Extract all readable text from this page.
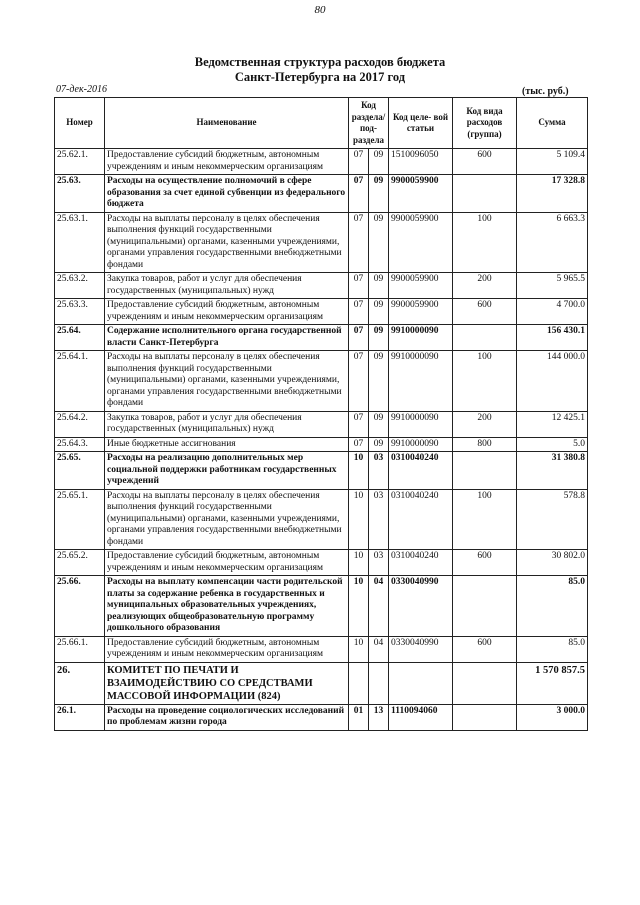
80
Ведомственная структура расходов бюджета
Санкт-Петербурга на 2017 год
07-дек-2016	(тыс. руб.)
Номер	Наименование	Код раздела/ под- раздела		Код целе- вой статьи	Код вида расходов (группа)	Сумма
25.62.1.	Предоставление субсидий бюджетным, автономным учреждениям и иным некоммерческим организациям	07	09	1510096050	600	5 109.4
25.63.	Расходы на осуществление полномочий в сфере образования за счет единой субвенции из федерального бюджета	07	09	9900059900		17 328.8
25.63.1.	Расходы на выплаты персоналу в целях обеспечения выполнения функций государственными (муниципальными) органами, казенными учреждениями, органами управления государственными внебюджетными фондами	07	09	9900059900	100	6 663.3
25.63.2.	Закупка товаров, работ и услуг для обеспечения государственных (муниципальных) нужд	07	09	9900059900	200	5 965.5
25.63.3.	Предоставление субсидий бюджетным, автономным учреждениям и иным некоммерческим организациям	07	09	9900059900	600	4 700.0
25.64.	Содержание исполнительного органа государственной власти Санкт-Петербурга	07	09	9910000090		156 430.1
25.64.1.	Расходы на выплаты персоналу в целях обеспечения выполнения функций государственными (муниципальными) органами, казенными учреждениями, органами управления государственными внебюджетными фондами	07	09	9910000090	100	144 000.0
25.64.2.	Закупка товаров, работ и услуг для обеспечения государственных (муниципальных) нужд	07	09	9910000090	200	12 425.1
25.64.3.	Иные бюджетные ассигнования	07	09	9910000090	800	5.0
25.65.	Расходы на реализацию дополнительных мер социальной поддержки работникам государственных учреждений	10	03	0310040240		31 380.8
25.65.1.	Расходы на выплаты персоналу в целях обеспечения выполнения функций государственными (муниципальными) органами, казенными учреждениями, органами управления государственными внебюджетными фондами	10	03	0310040240	100	578.8
25.65.2.	Предоставление субсидий бюджетным, автономным учреждениям и иным некоммерческим организациям	10	03	0310040240	600	30 802.0
25.66.	Расходы на выплату компенсации части родительской платы за содержание ребенка в государственных и муниципальных образовательных учреждениях, реализующих общеобразовательную программу дошкольного образования	10	04	0330040990		85.0
25.66.1.	Предоставление субсидий бюджетным, автономным учреждениям и иным некоммерческим организациям	10	04	0330040990	600	85.0
26.	КОМИТЕТ ПО ПЕЧАТИ И ВЗАИМОДЕЙСТВИЮ СО СРЕДСТВАМИ МАССОВОЙ ИНФОРМАЦИИ (824)					1 570 857.5
26.1.	Расходы на проведение социологических исследований по проблемам жизни города	01	13	1110094060		3 000.0
